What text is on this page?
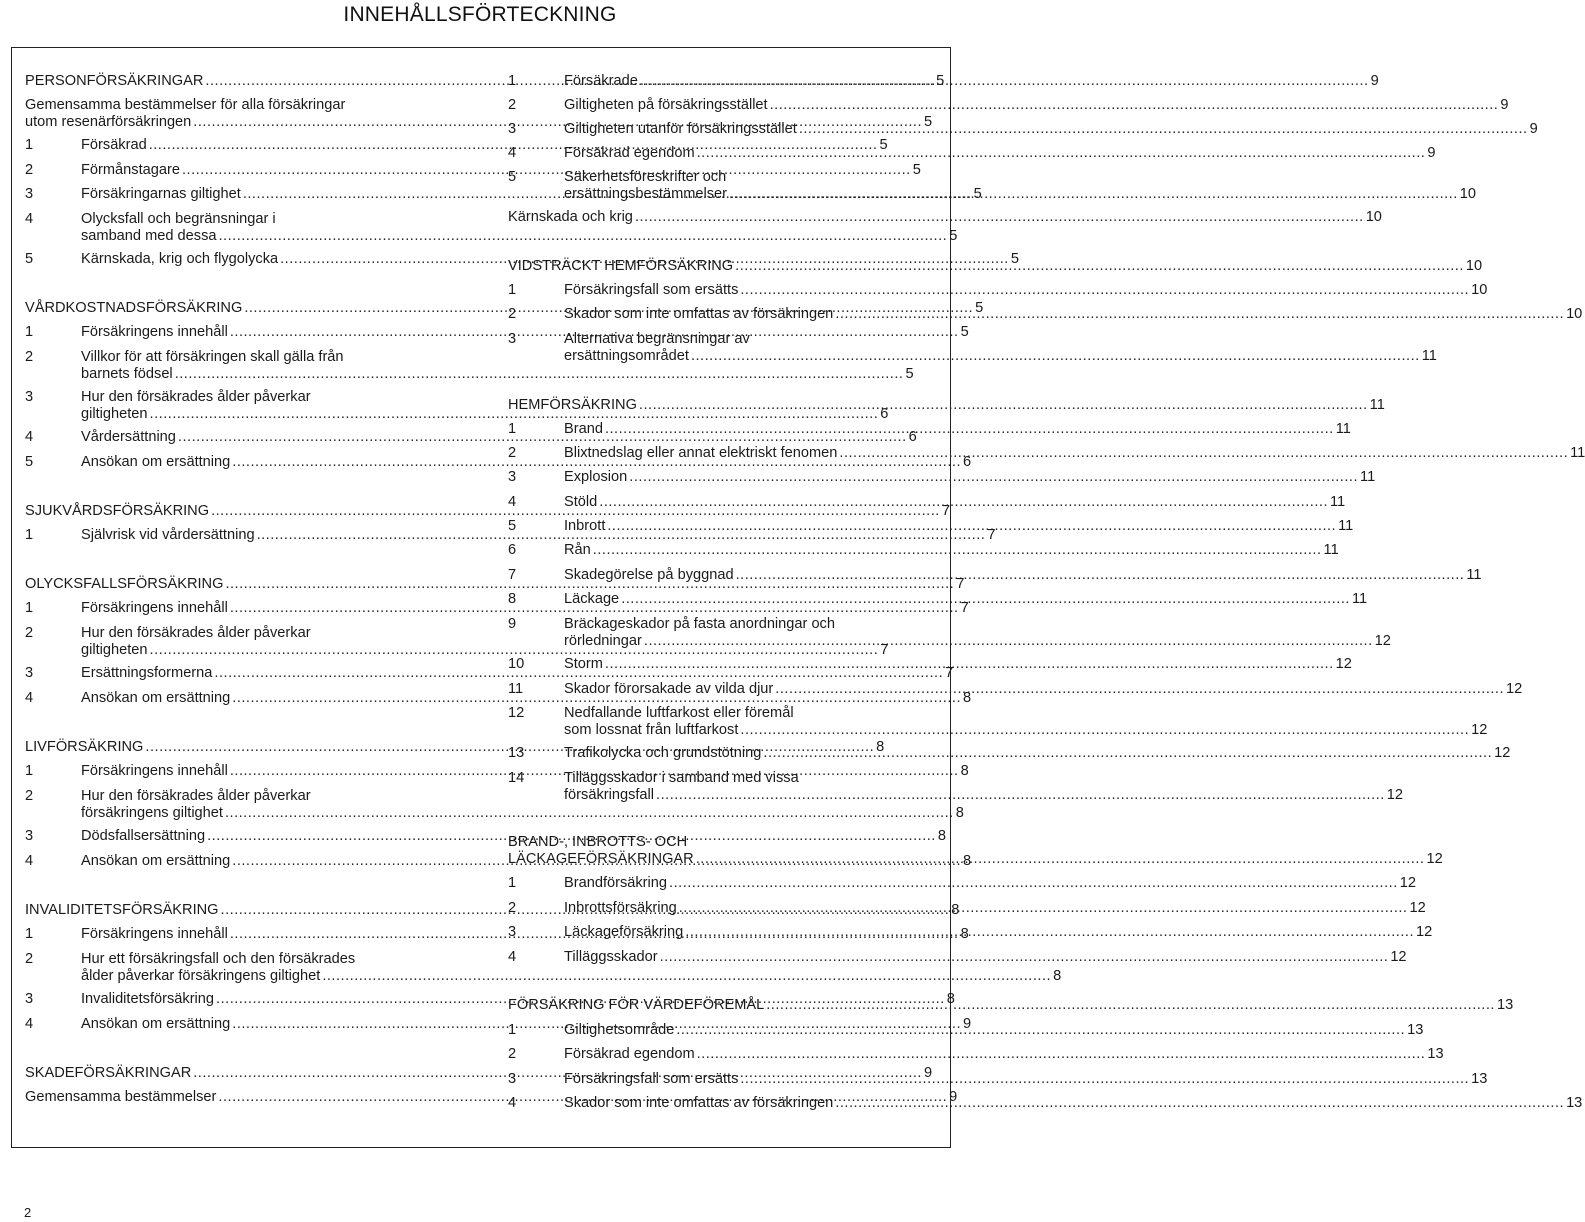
INNEHÅLLSFÖRTECKNING
PERSONFÖRSÄKRINGAR .....	5
Gemensamma bestämmelser för alla försäkringar
utom resenärförsäkringen .....	5
1	Försäkrad .....	5
2	Förmånstagare .....	5
3	Försäkringarnas giltighet .....	5
4	Olycksfall och begränsningar i
samband med dessa .....	5
5	Kärnskada, krig och flygolycka .....	5
VÅRDKOSTNADSFÖRSÄKRING .....	5
1	Försäkringens innehåll .....	5
2	Villkor för att försäkringen skall gälla från
barnets födsel .....	5
3	Hur den försäkrades ålder påverkar
giltigheten .....	6
4	Vårdersättning .....	6
5	Ansökan om ersättning .....	6
SJUKVÅRDSFÖRSÄKRING .....	7
1	Självrisk vid vårdersättning .....	7
OLYCKSFALLSFÖRSÄKRING .....	7
1	Försäkringens innehåll .....	7
2	Hur den försäkrades ålder påverkar
giltigheten .....	7
3	Ersättningsformerna .....	7
4	Ansökan om ersättning .....	8
LIVFÖRSÄKRING .....	8
1	Försäkringens innehåll .....	8
2	Hur den försäkrades ålder påverkar
försäkringens giltighet .....	8
3	Dödsfallsersättning .....	8
4	Ansökan om ersättning .....	8
INVALIDITETSFÖRSÄKRING .....	8
1	Försäkringens innehåll .....	8
2	Hur ett försäkringsfall och den försäkrades
ålder påverkar försäkringens giltighet .....	8
3	Invaliditetsförsäkring .....	8
4	Ansökan om ersättning .....	9
SKADEFÖRSÄKRINGAR .....	9
Gemensamma bestämmelser .....	9
1	Försäkrade .....	9
2	Giltigheten på försäkringsstället .....	9
3	Giltigheten utanför försäkringsstället .....	9
4	Försäkrad egendom .....	9
5	Säkerhetsföreskrifter och
ersättningsbestämmelser .....	10
Kärnskada och krig .....	10
VIDSTRÄCKT HEMFÖRSÄKRING .....	10
1	Försäkringsfall som ersätts .....	10
2	Skador som inte omfattas av försäkringen .....	10
3	Alternativa begränsningar av
ersättningsområdet .....	11
HEMFÖRSÄKRING .....	11
1	Brand .....	11
2	Blixtnedslag eller annat elektriskt fenomen .....	11
3	Explosion .....	11
4	Stöld .....	11
5	Inbrott .....	11
6	Rån .....	11
7	Skadegörelse på byggnad .....	11
8	Läckage .....	11
9	Bräckageskador på fasta anordningar och
rörledningar .....	12
10	Storm .....	12
11	Skador förorsakade av vilda djur .....	12
12	Nedfallande luftfarkost eller föremål
som lossnat från luftfarkost .....	12
13	Trafikolycka och grundstötning .....	12
14	Tilläggsskador i samband med vissa
försäkringsfall .....	12
BRAND-, INBROTTS- OCH
LÄCKAGEFÖRSÄKRINGAR .....	12
1	Brandförsäkring .....	12
2	Inbrottsförsäkring .....	12
3	Läckageförsäkring .....	12
4	Tilläggsskador .....	12
FÖRSÄKRING FÖR VÄRDEFÖREMÅL .....	13
1	Giltighetsområde .....	13
2	Försäkrad egendom .....	13
3	Försäkringsfall som ersätts .....	13
4	Skador som inte omfattas av försäkringen .....	13
2
